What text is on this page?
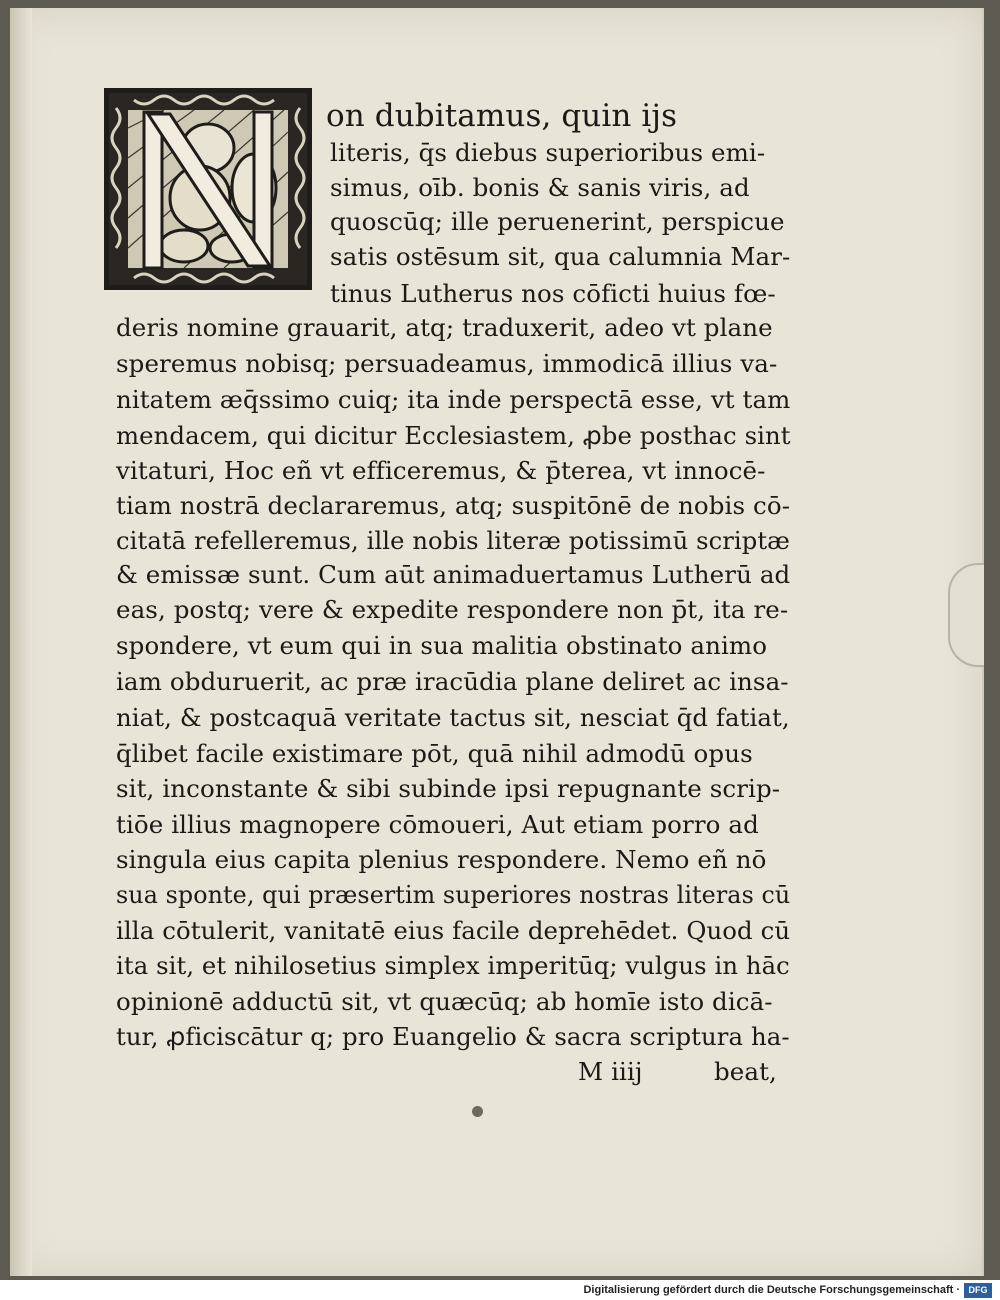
on dubitamus, quin ijs
literis, q̄s diebus superioribus emi-
simus, oīb. bonis & sanis viris, ad
quoscūq; ille peruenerint, perspicue
satis ostēsum sit, qua calumnia Mar-
tinus Lutherus nos cōficti huius fœ-
deris nomine grauarit, atq; traduxerit, adeo vt plane
speremus nobisq; persuadeamus, immodicā illius va-
nitatem æq̄ssimo cuiq; ita inde perspectā esse, vt tam
mendacem, qui dicitur Ecclesiastem, ꝓbe posthac sint
vitaturi, Hoc eñ vt efficeremus, & p̄terea, vt innocē-
tiam nostrā declararemus, atq; suspitōnē de nobis cō-
citatā refelleremus, ille nobis literæ potissimū scriptæ
& emissæ sunt. Cum aūt animaduertamus Lutherū ad
eas, postq; vere & expedite respondere non p̄t, ita re-
spondere, vt eum qui in sua malitia obstinato animo
iam obduruerit, ac præ iracūdia plane deliret ac insa-
niat, & postcaquā veritate tactus sit, nesciat q̄d fatiat,
q̄libet facile existimare pōt, quā nihil admodū opus
sit, inconstante & sibi subinde ipsi repugnante scrip-
tiōe illius magnopere cōmoueri, Aut etiam porro ad
singula eius capita plenius respondere. Nemo eñ nō
sua sponte, qui præsertim superiores nostras literas cū
illa cōtulerit, vanitatē eius facile deprehēdet. Quod cū
ita sit, et nihilosetius simplex imperitūq; vulgus in hāc
opinionē adductū sit, vt quæcūq; ab homīe isto dicā-
tur, ꝓficiscātur q; pro Euangelio & sacra scriptura ha-
M iiij	beat,
Digitalisierung gefördert durch die Deutsche Forschungsgemeinschaft · DFG
